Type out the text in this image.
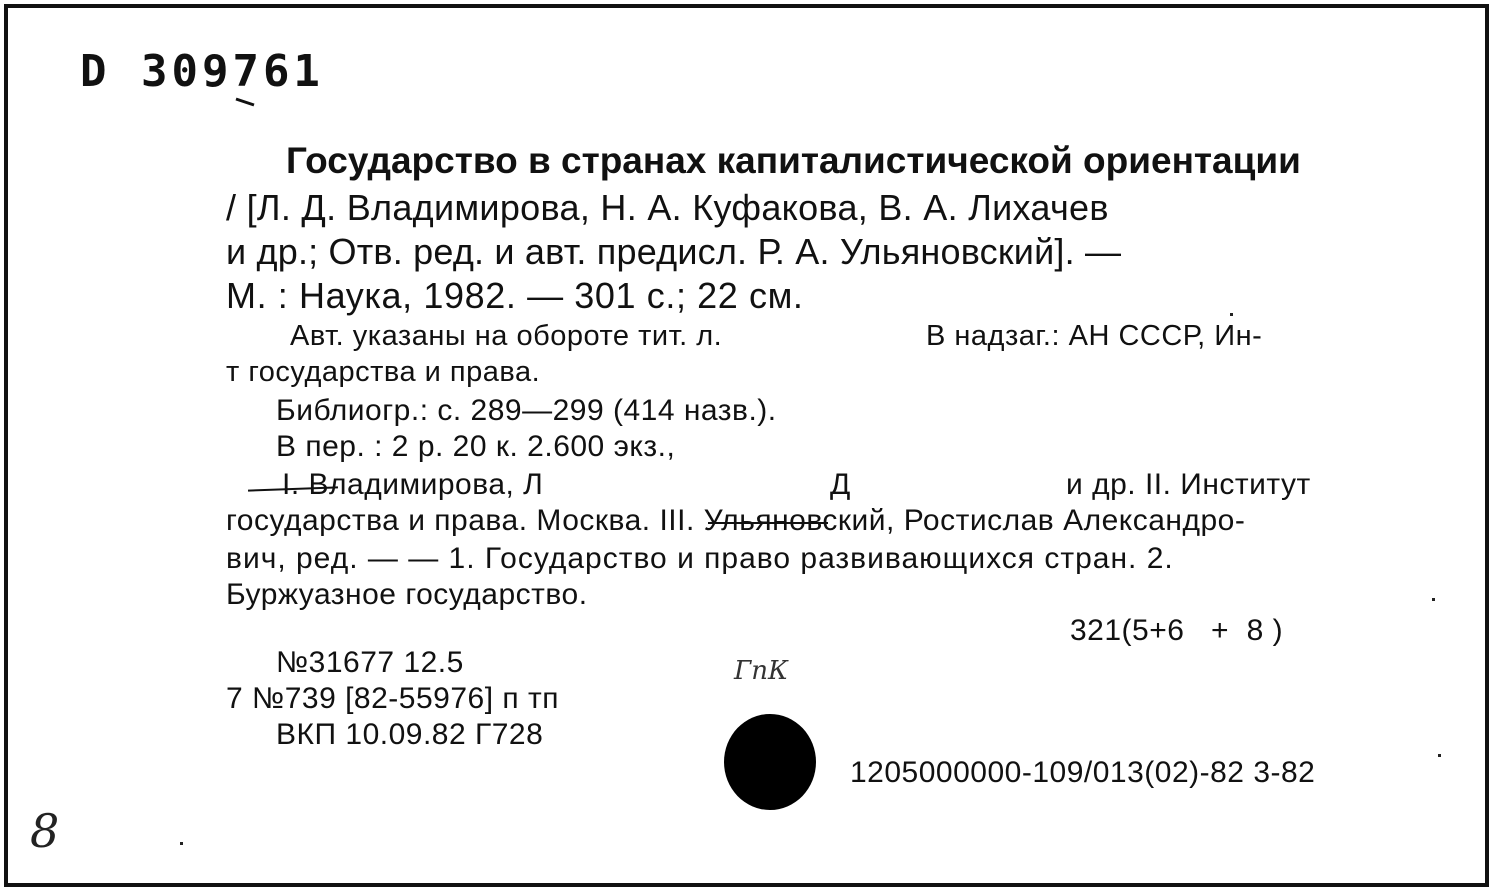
D 309761
Государство в странах капиталистической ориентации
/ [Л. Д. Владимирова, Н. А. Куфакова, В. А. Лихачев
и др.; Отв. ред. и авт. предисл. Р. А. Ульяновский]. —
М. : Наука, 1982. — 301 с.; 22 см.
Авт. указаны на обороте тит. л.	В надзаг.: АН СССР, Ин-
т государства и права.
Библиогр.: с. 289—299 (414 назв.).
В пер. : 2 р. 20 к. 2.600 экз.,
I. Владимирова, Л	Д	и др. II. Институт
государства и права. Москва. III. Ульяновский, Ростислав Александро-
вич, ред. — — 1. Государство и право развивающихся стран. 2.
Буржуазное государство.
321(5+6   +  8 )
№31677 12.5
7 №739 [82-55976] п тп
ВКП 10.09.82 Г728
ГпК
1205000000-109/013(02)-82 3-82
8
